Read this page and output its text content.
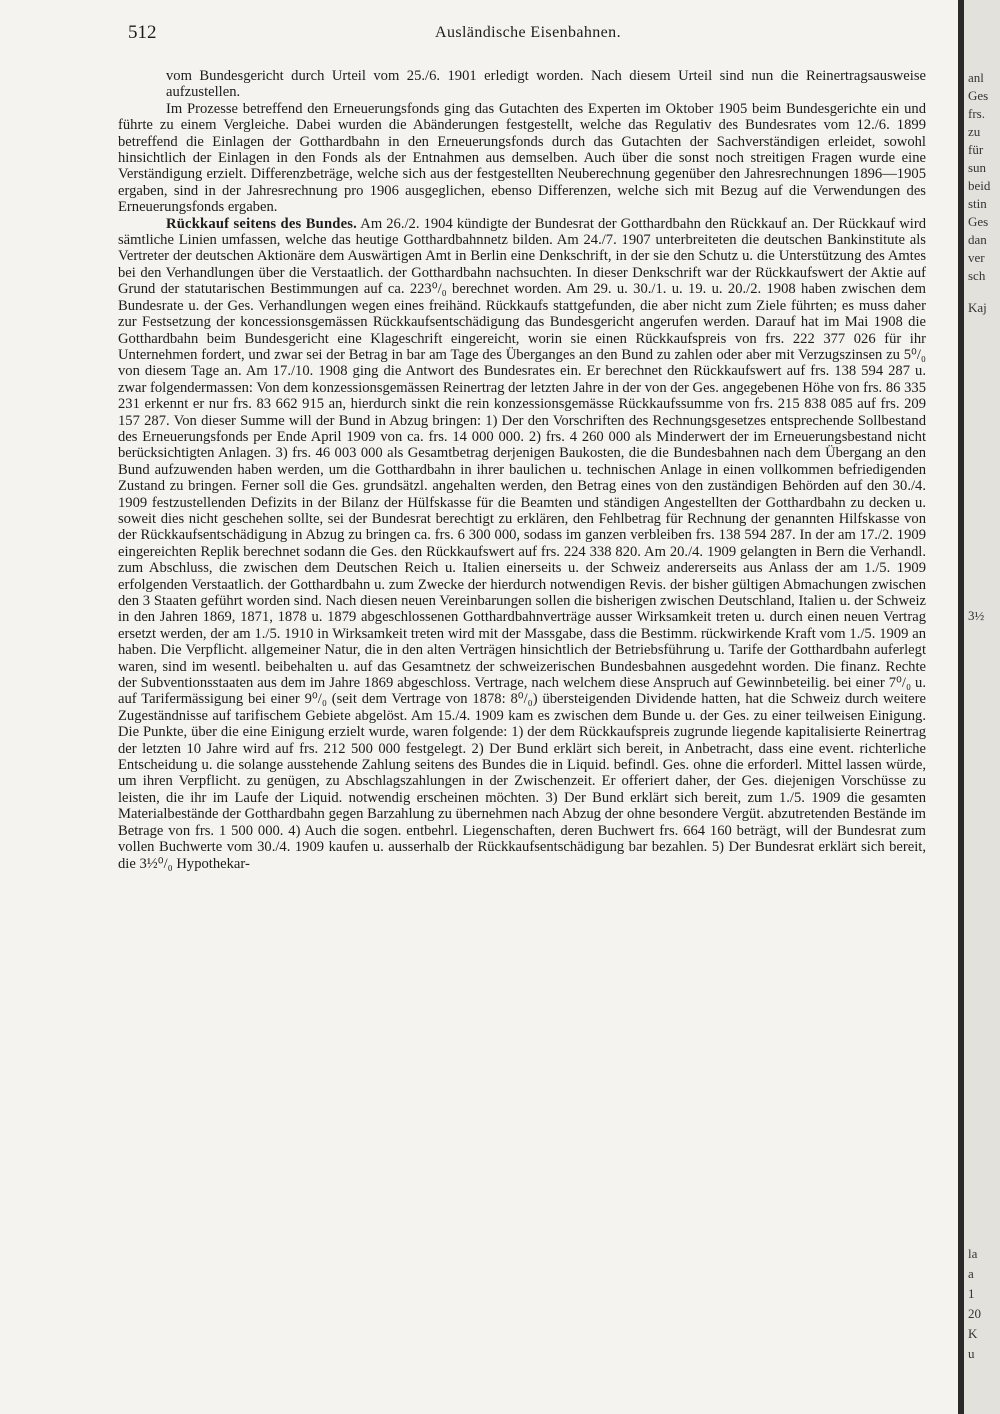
512	Ausländische Eisenbahnen.

vom Bundesgericht durch Urteil vom 25./6. 1901 erledigt worden. Nach diesem Urteil sind nun die Reinertragsausweise aufzustellen.

Im Prozesse betreffend den Erneuerungsfonds ging das Gutachten des Experten im Oktober 1905 beim Bundesgerichte ein und führte zu einem Vergleiche. Dabei wurden die Abänderungen festgestellt, welche das Regulativ des Bundesrates vom 12./6. 1899 betreffend die Einlagen der Gotthardbahn in den Erneuerungsfonds durch das Gutachten der Sachverständigen erleidet, sowohl hinsichtlich der Einlagen in den Fonds als der Entnahmen aus demselben. Auch über die sonst noch streitigen Fragen wurde eine Verständigung erzielt. Differenzbeträge, welche sich aus der festgestellten Neuberechnung gegenüber den Jahresrechnungen 1896—1905 ergaben, sind in der Jahresrechnung pro 1906 ausgeglichen, ebenso Differenzen, welche sich mit Bezug auf die Verwendungen des Erneuerungsfonds ergaben.

Rückkauf seitens des Bundes. Am 26./2. 1904 kündigte der Bundesrat der Gotthardbahn den Rückkauf an. Der Rückkauf wird sämtliche Linien umfassen, welche das heutige Gotthardbahnnetz bilden. Am 24./7. 1907 unterbreiteten die deutschen Bankinstitute als Vertreter der deutschen Aktionäre dem Auswärtigen Amt in Berlin eine Denkschrift, in der sie den Schutz u. die Unterstützung des Amtes bei den Verhandlungen über die Verstaatlich. der Gotthardbahn nachsuchten. In dieser Denkschrift war der Rückkaufswert der Aktie auf Grund der statutarischen Bestimmungen auf ca. 223⁰/₀ berechnet worden. Am 29. u. 30./1. u. 19. u. 20./2. 1908 haben zwischen dem Bundesrate u. der Ges. Verhandlungen wegen eines freihänd. Rückkaufs stattgefunden, die aber nicht zum Ziele führten; es muss daher zur Festsetzung der koncessionsgemässen Rückkaufsentschädigung das Bundesgericht angerufen werden. Darauf hat im Mai 1908 die Gotthardbahn beim Bundesgericht eine Klageschrift eingereicht, worin sie einen Rückkaufspreis von frs. 222 377 026 für ihr Unternehmen fordert, und zwar sei der Betrag in bar am Tage des Überganges an den Bund zu zahlen oder aber mit Verzugszinsen zu 5⁰/₀ von diesem Tage an. Am 17./10. 1908 ging die Antwort des Bundesrates ein. Er berechnet den Rückkaufswert auf frs. 138 594 287 u. zwar folgendermassen: Von dem konzessionsgemässen Reinertrag der letzten Jahre in der von der Ges. angegebenen Höhe von frs. 86 335 231 erkennt er nur frs. 83 662 915 an, hierdurch sinkt die rein konzessionsgemässe Rückkaufssumme von frs. 215 838 085 auf frs. 209 157 287. Von dieser Summe will der Bund in Abzug bringen: 1) Der den Vorschriften des Rechnungsgesetzes entsprechende Sollbestand des Erneuerungsfonds per Ende April 1909 von ca. frs. 14 000 000. 2) frs. 4 260 000 als Minderwert der im Erneuerungsbestand nicht berücksichtigten Anlagen. 3) frs. 46 003 000 als Gesamtbetrag derjenigen Baukosten, die die Bundesbahnen nach dem Übergang an den Bund aufzuwenden haben werden, um die Gotthardbahn in ihrer baulichen u. technischen Anlage in einen vollkommen befriedigenden Zustand zu bringen. Ferner soll die Ges. grundsätzl. angehalten werden, den Betrag eines von den zuständigen Behörden auf den 30./4. 1909 festzustellenden Defizits in der Bilanz der Hülfskasse für die Beamten und ständigen Angestellten der Gotthardbahn zu decken u. soweit dies nicht geschehen sollte, sei der Bundesrat berechtigt zu erklären, den Fehlbetrag für Rechnung der genannten Hilfskasse von der Rückkaufsentschädigung in Abzug zu bringen ca. frs. 6 300 000, sodass im ganzen verbleiben frs. 138 594 287. In der am 17./2. 1909 eingereichten Replik berechnet sodann die Ges. den Rückkaufswert auf frs. 224 338 820. Am 20./4. 1909 gelangten in Bern die Verhandl. zum Abschluss, die zwischen dem Deutschen Reich u. Italien einerseits u. der Schweiz andererseits aus Anlass der am 1./5. 1909 erfolgenden Verstaatlich. der Gotthardbahn u. zum Zwecke der hierdurch notwendigen Revis. der bisher gültigen Abmachungen zwischen den 3 Staaten geführt worden sind. Nach diesen neuen Vereinbarungen sollen die bisherigen zwischen Deutschland, Italien u. der Schweiz in den Jahren 1869, 1871, 1878 u. 1879 abgeschlossenen Gotthardbahnverträge ausser Wirksamkeit treten u. durch einen neuen Vertrag ersetzt werden, der am 1./5. 1910 in Wirksamkeit treten wird mit der Massgabe, dass die Bestimm. rückwirkende Kraft vom 1./5. 1909 an haben. Die Verpflicht. allgemeiner Natur, die in den alten Verträgen hinsichtlich der Betriebsführung u. Tarife der Gotthardbahn auferlegt waren, sind im wesentl. beibehalten u. auf das Gesamtnetz der schweizerischen Bundesbahnen ausgedehnt worden. Die finanz. Rechte der Subventionsstaaten aus dem im Jahre 1869 abgeschloss. Vertrage, nach welchem diese Anspruch auf Gewinnbeteilig. bei einer 7⁰/₀ u. auf Tarifermässigung bei einer 9⁰/₀ (seit dem Vertrage von 1878: 8⁰/₀) übersteigenden Dividende hatten, hat die Schweiz durch weitere Zugeständnisse auf tarifischem Gebiete abgelöst. Am 15./4. 1909 kam es zwischen dem Bunde u. der Ges. zu einer teilweisen Einigung. Die Punkte, über die eine Einigung erzielt wurde, waren folgende: 1) der dem Rückkaufspreis zugrunde liegende kapitalisierte Reinertrag der letzten 10 Jahre wird auf frs. 212 500 000 festgelegt. 2) Der Bund erklärt sich bereit, in Anbetracht, dass eine event. richterliche Entscheidung u. die solange ausstehende Zahlung seitens des Bundes die in Liquid. befindl. Ges. ohne die erforderl. Mittel lassen würde, um ihren Verpflicht. zu genügen, zu Abschlagszahlungen in der Zwischenzeit. Er offeriert daher, der Ges. diejenigen Vorschüsse zu leisten, die ihr im Laufe der Liquid. notwendig erscheinen möchten. 3) Der Bund erklärt sich bereit, zum 1./5. 1909 die gesamten Materialbestände der Gotthardbahn gegen Barzahlung zu übernehmen nach Abzug der ohne besondere Vergüt. abzutretenden Bestände im Betrage von frs. 1 500 000. 4) Auch die sogen. entbehrl. Liegenschaften, deren Buchwert frs. 664 160 beträgt, will der Bundesrat zum vollen Buchwerte vom 30./4. 1909 kaufen u. ausserhalb der Rückkaufsentschädigung bar bezahlen. 5) Der Bundesrat erklärt sich bereit, die 3½⁰/₀ Hypothekar-

anl
Ges
frs.
zu
für
sun
beid
stin
Ges
dan
ver
sch
Kaj
3½
la
a
1
20
K
u
